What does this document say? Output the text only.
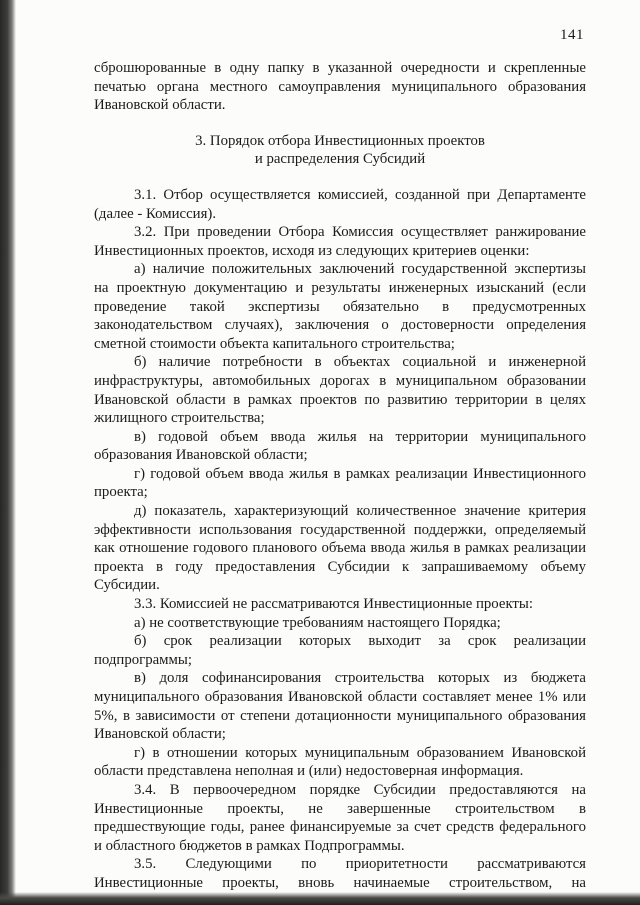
141

сброшюрованные в одну папку в указанной очередности и скрепленные печатью органа местного самоуправления муниципального образования Ивановской области.

3. Порядок отбора Инвестиционных проектов
и распределения Субсидий

3.1. Отбор осуществляется комиссией, созданной при Департаменте (далее - Комиссия).

3.2. При проведении Отбора Комиссия осуществляет ранжирование Инвестиционных проектов, исходя из следующих критериев оценки:

а) наличие положительных заключений государственной экспертизы на проектную документацию и результаты инженерных изысканий (если проведение такой экспертизы обязательно в предусмотренных законодательством случаях), заключения о достоверности определения сметной стоимости объекта капитального строительства;

б) наличие потребности в объектах социальной и инженерной инфраструктуры, автомобильных дорогах в муниципальном образовании Ивановской области в рамках проектов по развитию территории в целях жилищного строительства;

в) годовой объем ввода жилья на территории муниципального образования Ивановской области;

г) годовой объем ввода жилья в рамках реализации Инвестиционного проекта;

д) показатель, характеризующий количественное значение критерия эффективности использования государственной поддержки, определяемый как отношение годового планового объема ввода жилья в рамках реализации проекта в году предоставления Субсидии к запрашиваемому объему Субсидии.

3.3. Комиссией не рассматриваются Инвестиционные проекты:

а) не соответствующие требованиям настоящего Порядка;

б) срок реализации которых выходит за срок реализации подпрограммы;

в) доля софинансирования строительства которых из бюджета муниципального образования Ивановской области составляет менее 1% или 5%, в зависимости от степени дотационности муниципального образования Ивановской области;

г) в отношении которых муниципальным образованием Ивановской области представлена неполная и (или) недостоверная информация.

3.4. В первоочередном порядке Субсидии предоставляются на Инвестиционные проекты, не завершенные строительством в предшествующие годы, ранее финансируемые за счет средств федерального и областного бюджетов в рамках Подпрограммы.

3.5. Следующими по приоритетности рассматриваются Инвестиционные проекты, вновь начинаемые строительством, на
